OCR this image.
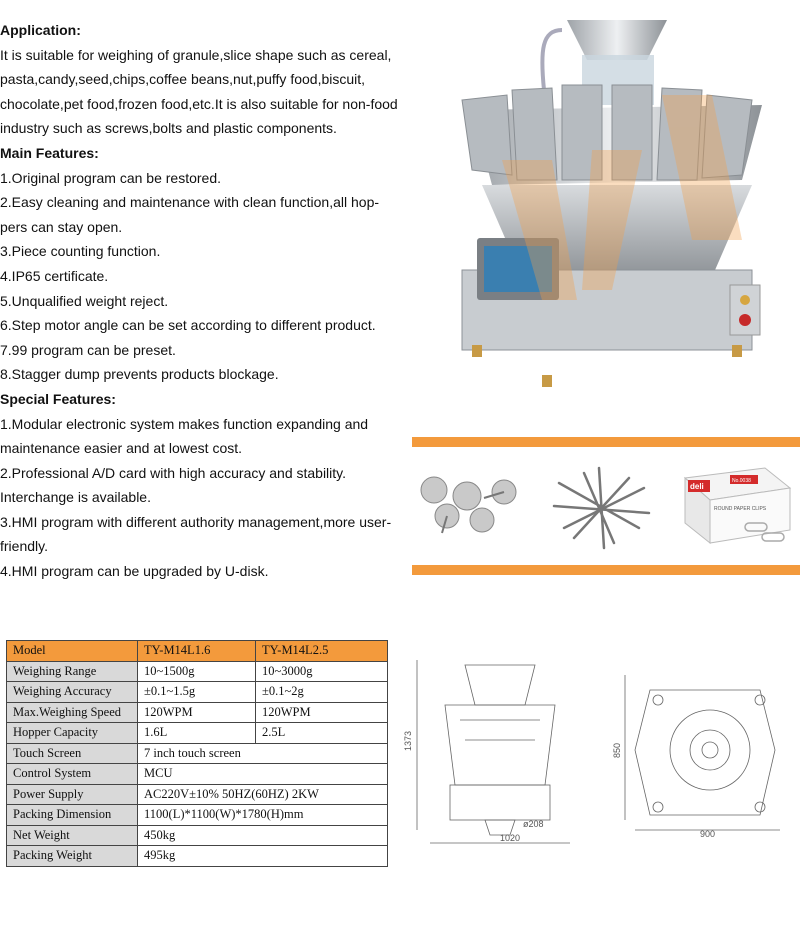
Application:
It is suitable for weighing of granule,slice shape such as cereal,
pasta,candy,seed,chips,coffee beans,nut,puffy food,biscuit,
chocolate,pet food,frozen food,etc.It is also suitable for non-food
industry such as screws,bolts and plastic components.
Main Features:
1.Original program can be restored.
2.Easy cleaning and maintenance with clean function,all hop-
pers can stay open.
3.Piece counting function.
4.IP65 certificate.
5.Unqualified weight reject.
6.Step motor angle can be set according to different product.
7.99 program can be preset.
8.Stagger dump prevents products blockage.
Special Features:
1.Modular electronic system makes function expanding and
maintenance easier and at lowest cost.
2.Professional A/D card with high accuracy and stability.
Interchange is available.
3.HMI program with different authority management,more user-
friendly.
4.HMI program can be upgraded by U-disk.
deli
No.0038
ROUND PAPER CLIPS
Model	TY-M14L1.6	TY-M14L2.5
Weighing Range	10~1500g	10~3000g
Weighing Accuracy	±0.1~1.5g	±0.1~2g
Max.Weighing Speed	120WPM	120WPM
Hopper Capacity	1.6L	2.5L
Touch Screen	7 inch touch screen	
Control System	MCU	
Power Supply	AC220V±10% 50HZ(60HZ) 2KW	
Packing Dimension	1100(L)*1100(W)*1780(H)mm	
Net Weight	450kg	
Packing Weight	495kg	
1373
ø208
1020
850
900
